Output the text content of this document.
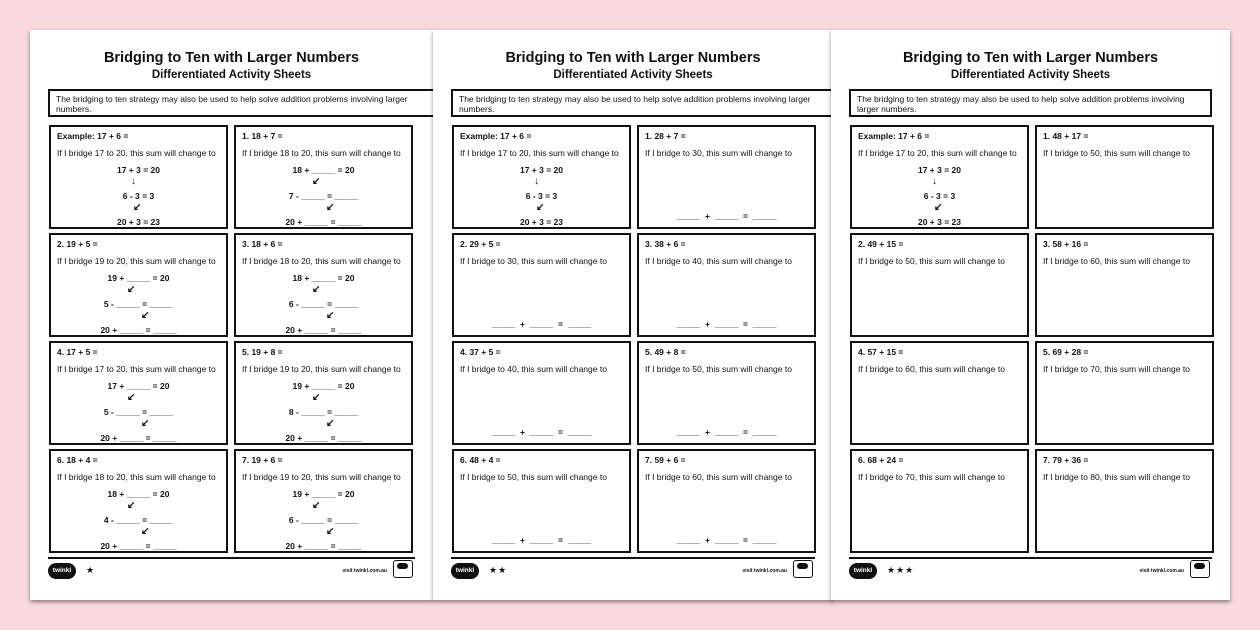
Bridging to Ten with Larger Numbers
Differentiated Activity Sheets
The bridging to ten strategy may also be used to help solve addition problems involving larger numbers.
Example: 17 + 6 =
If I bridge 17 to 20, this sum will change to
17 + 3 = 20
6 - 3 = 3
20 + 3 = 23
↓
↙
1. 18 + 7 =
If I bridge 18 to 20, this sum will change to
18 + _____ = 20
7 - _____ = _____
20 + _____ = _____
↙
↙
2. 19 + 5 =
If I bridge 19 to 20, this sum will change to
19 + _____ = 20
5 - _____ = _____
20 + _____ = _____
↙
↙
3. 18 + 6 =
If I bridge 18 to 20, this sum will change to
18 + _____ = 20
6 - _____ = _____
20 + _____ = _____
↙
↙
4. 17 + 5 =
If I bridge 17 to 20, this sum will change to
17 + _____ = 20
5 - _____ = _____
20 + _____ = _____
↙
↙
5. 19 + 8 =
If I bridge 19 to 20, this sum will change to
19 + _____ = 20
8 - _____ = _____
20 + _____ = _____
↙
↙
6. 18 + 4 =
If I bridge 18 to 20, this sum will change to
18 + _____ = 20
4 - _____ = _____
20 + _____ = _____
↙
↙
7. 19 + 6 =
If I bridge 19 to 20, this sum will change to
19 + _____ = 20
6 - _____ = _____
20 + _____ = _____
↙
↙
twinkl	★	visit twinkl.com.au
Bridging to Ten with Larger Numbers
Differentiated Activity Sheets
The bridging to ten strategy may also be used to help solve addition problems involving larger numbers.
Example: 17 + 6 =
If I bridge 17 to 20, this sum will change to
17 + 3 = 20
6 - 3 = 3
20 + 3 = 23
↓
↙
1. 28 + 7 =
If I bridge to 30, this sum will change to
_____  +  _____  =  _____
2. 29 + 5 =
If I bridge to 30, this sum will change to
_____  +  _____  =  _____
3. 38 + 6 =
If I bridge to 40, this sum will change to
_____  +  _____  =  _____
4. 37 + 5 =
If I bridge to 40, this sum will change to
_____  +  _____  =  _____
5. 49 + 8 =
If I bridge to 50, this sum will change to
_____  +  _____  =  _____
6. 48 + 4 =
If I bridge to 50, this sum will change to
_____  +  _____  =  _____
7. 59 + 6 =
If I bridge to 60, this sum will change to
_____  +  _____  =  _____
twinkl	★★	visit twinkl.com.au
Bridging to Ten with Larger Numbers
Differentiated Activity Sheets
The bridging to ten strategy may also be used to help solve addition problems involving larger numbers.
Example: 17 + 6 =
If I bridge 17 to 20, this sum will change to
17 + 3 = 20
6 - 3 = 3
20 + 3 = 23
↓
↙
1. 48 + 17 =
If I bridge to 50, this sum will change to
2. 49 + 15 =
If I bridge to 50, this sum will change to
3. 58 + 16 =
If I bridge to 60, this sum will change to
4. 57 + 15 =
If I bridge to 60, this sum will change to
5. 69 + 28 =
If I bridge to 70, this sum will change to
6. 68 + 24 =
If I bridge to 70, this sum will change to
7. 79 + 36 =
If I bridge to 80, this sum will change to
twinkl	★★★	visit twinkl.com.au
